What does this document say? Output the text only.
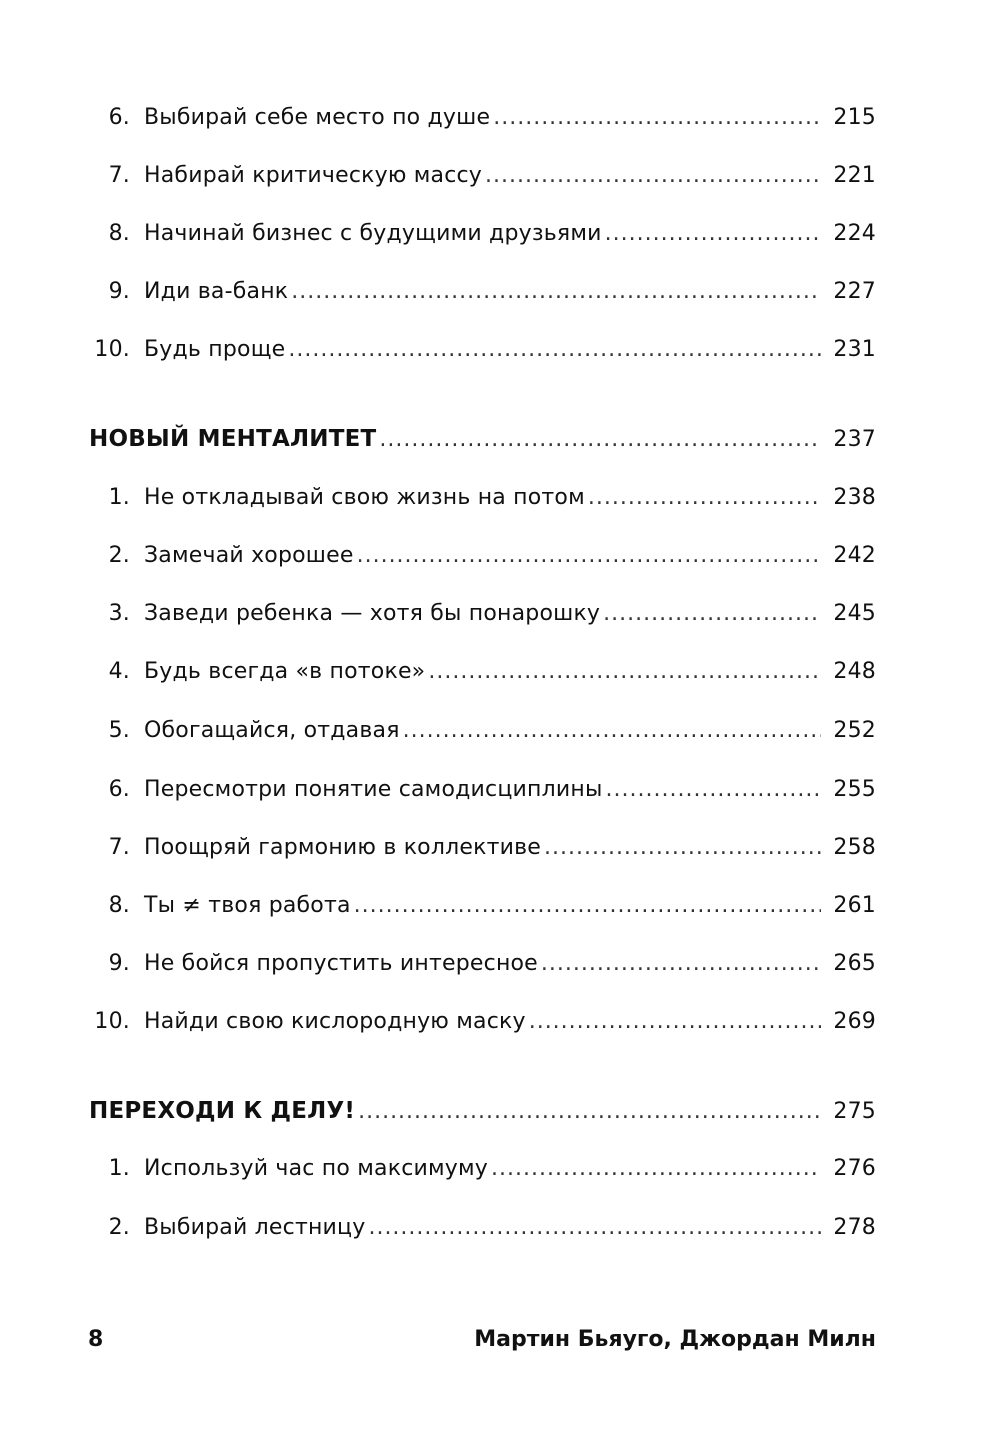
6. Выбирай себе место по душе .....	215
7. Набирай критическую массу .....	221
8. Начинай бизнес с будущими друзьями .....	224
9. Иди ва-банк .....	227
10. Будь проще .....	231
НОВЫЙ МЕНТАЛИТЕТ .....	237
1. Не откладывай свою жизнь на потом .....	238
2. Замечай хорошее .....	242
3. Заведи ребенка — хотя бы понарошку .....	245
4. Будь всегда «в потоке» .....	248
5. Обогащайся, отдавая .....	252
6. Пересмотри понятие самодисциплины .....	255
7. Поощряй гармонию в коллективе .....	258
8. Ты ≠ твоя работа .....	261
9. Не бойся пропустить интересное .....	265
10. Найди свою кислородную маску .....	269
ПЕРЕХОДИ К ДЕЛУ! .....	275
1. Используй час по максимуму .....	276
2. Выбирай лестницу .....	278
8	Мартин Бьяуго, Джордан Милн
